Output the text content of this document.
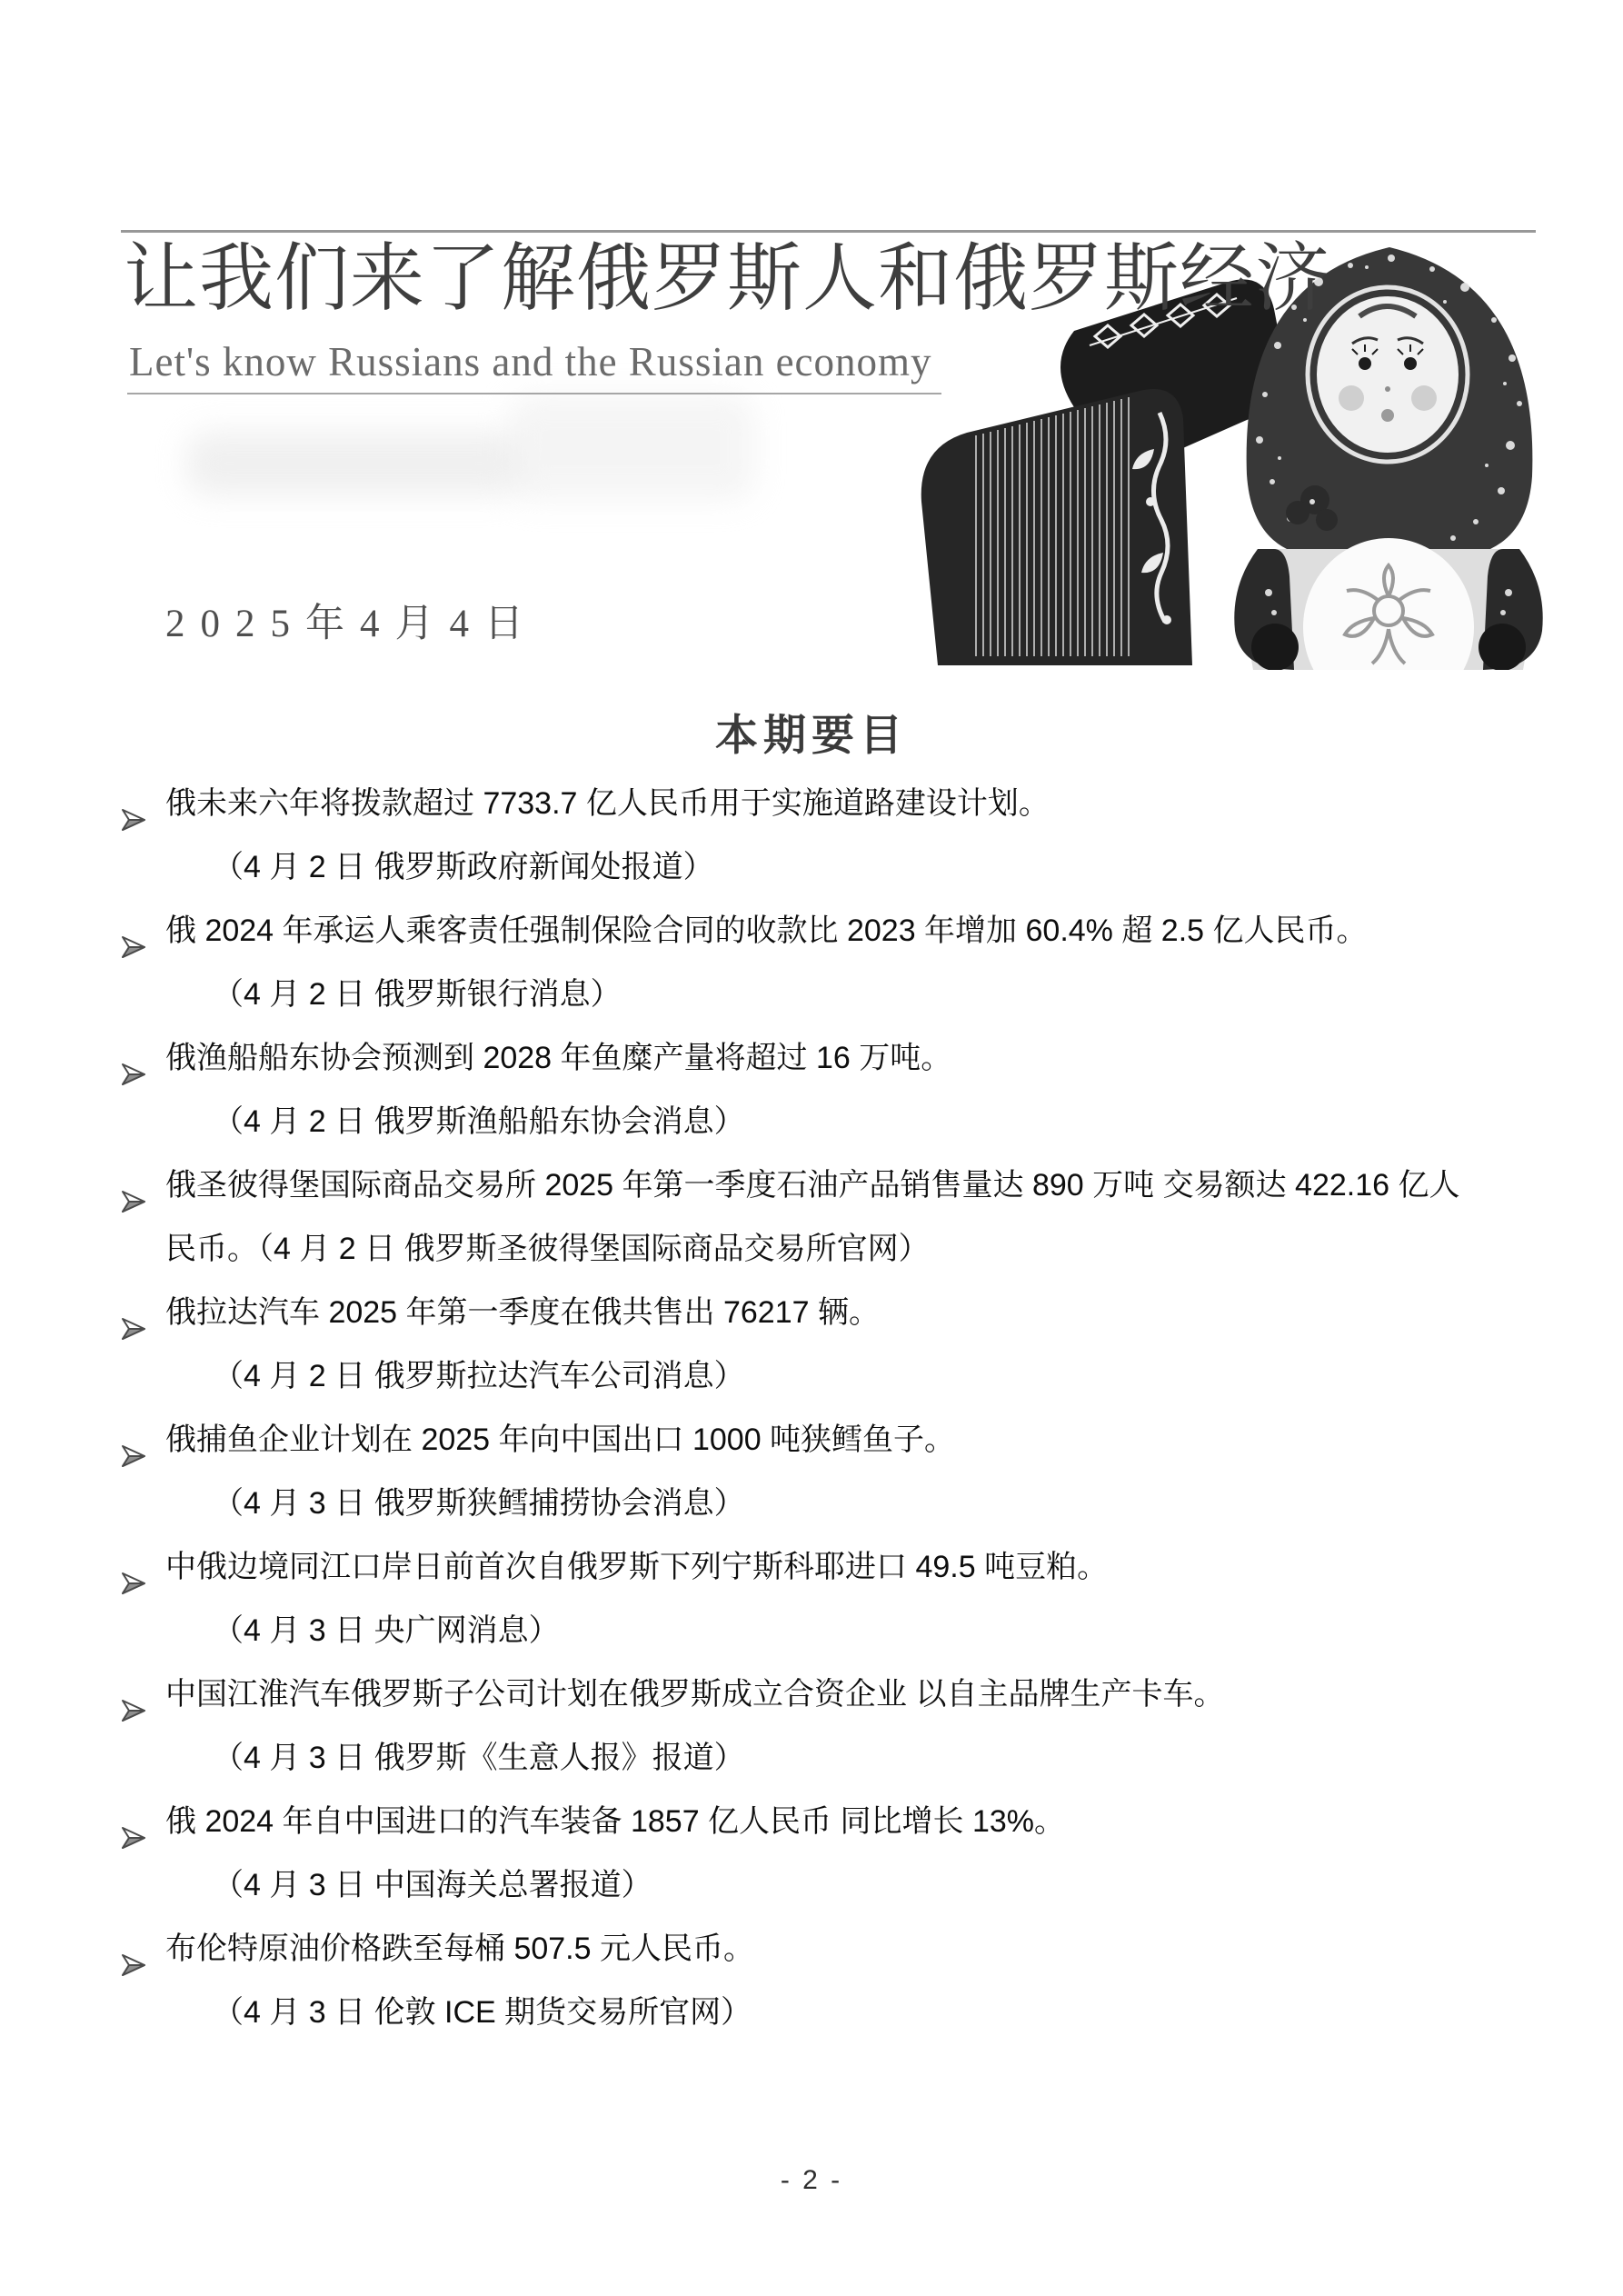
让我们来了解俄罗斯人和俄罗斯经济
Let's know Russians and the Russian economy
2025年4月4日
本期要目
俄未来六年将拨款超过 7733.7 亿人民币用于实施道路建设计划。
（4 月 2 日 俄罗斯政府新闻处报道）
俄 2024 年承运人乘客责任强制保险合同的收款比 2023 年增加 60.4% 超 2.5 亿人民币。
（4 月 2 日 俄罗斯银行消息）
俄渔船船东协会预测到 2028 年鱼糜产量将超过 16 万吨。
（4 月 2 日 俄罗斯渔船船东协会消息）
俄圣彼得堡国际商品交易所 2025 年第一季度石油产品销售量达 890 万吨 交易额达 422.16 亿人民币。（4 月 2 日 俄罗斯圣彼得堡国际商品交易所官网）
俄拉达汽车 2025 年第一季度在俄共售出 76217 辆。
（4 月 2 日 俄罗斯拉达汽车公司消息）
俄捕鱼企业计划在 2025 年向中国出口 1000 吨狭鳕鱼子。
（4 月 3 日 俄罗斯狭鳕捕捞协会消息）
中俄边境同江口岸日前首次自俄罗斯下列宁斯科耶进口 49.5 吨豆粕。
（4 月 3 日 央广网消息）
中国江淮汽车俄罗斯子公司计划在俄罗斯成立合资企业 以自主品牌生产卡车。
（4 月 3 日 俄罗斯《生意人报》报道）
俄 2024 年自中国进口的汽车装备 1857 亿人民币 同比增长 13%。
（4 月 3 日 中国海关总署报道）
布伦特原油价格跌至每桶 507.5 元人民币。
（4 月 3 日 伦敦 ICE 期货交易所官网）
- 2 -
